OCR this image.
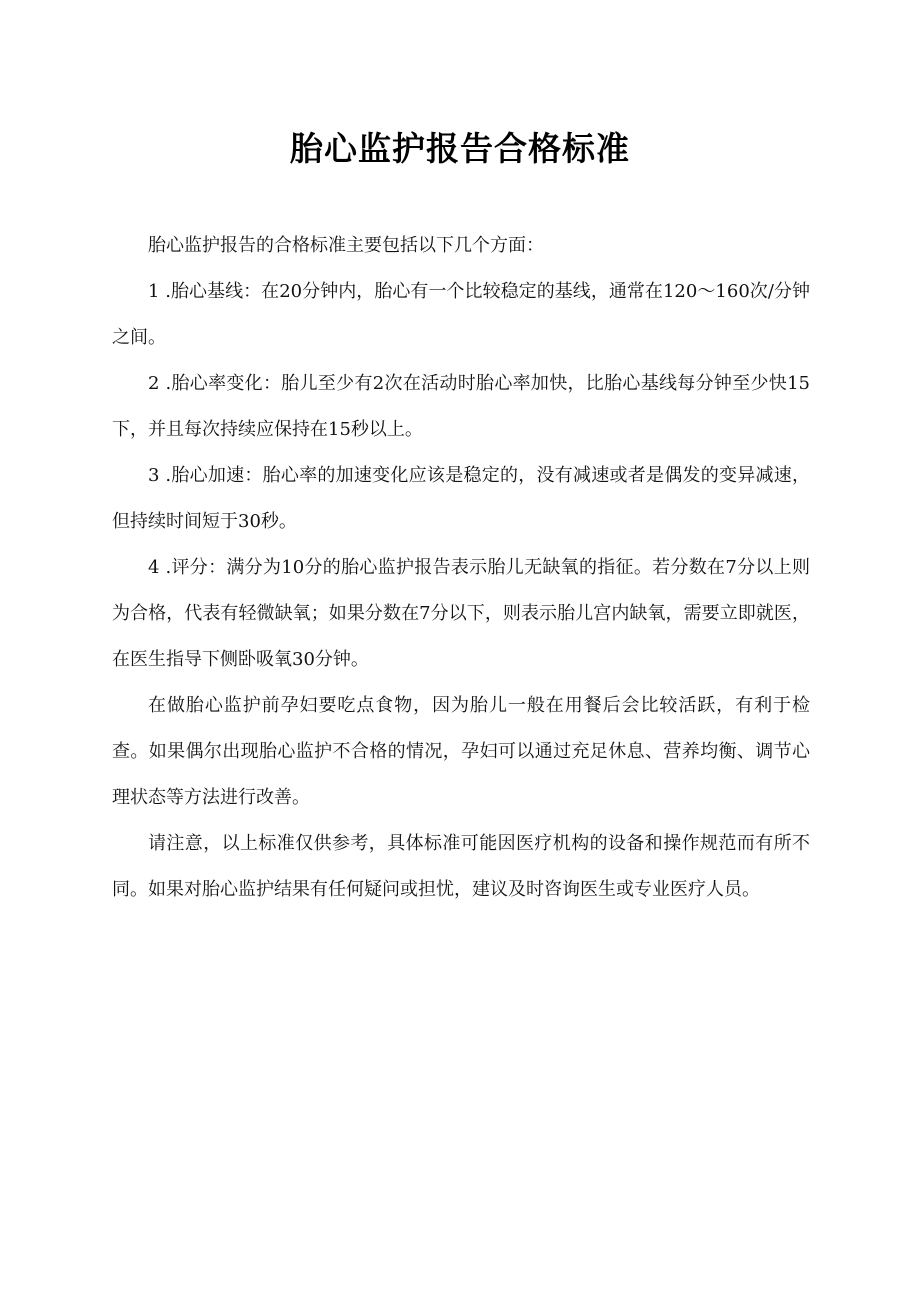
胎心监护报告合格标准

胎心监护报告的合格标准主要包括以下几个方面：

1 .胎心基线：在20分钟内，胎心有一个比较稳定的基线，通常在120～160次/分钟之间。

2 .胎心率变化：胎儿至少有2次在活动时胎心率加快，比胎心基线每分钟至少快15下，并且每次持续应保持在15秒以上。

3 .胎心加速：胎心率的加速变化应该是稳定的，没有减速或者是偶发的变异减速，但持续时间短于30秒。

4 .评分：满分为10分的胎心监护报告表示胎儿无缺氧的指征。若分数在7分以上则为合格，代表有轻微缺氧；如果分数在7分以下，则表示胎儿宫内缺氧，需要立即就医，在医生指导下侧卧吸氧30分钟。

在做胎心监护前孕妇要吃点食物，因为胎儿一般在用餐后会比较活跃，有利于检查。如果偶尔出现胎心监护不合格的情况，孕妇可以通过充足休息、营养均衡、调节心理状态等方法进行改善。

请注意，以上标准仅供参考，具体标准可能因医疗机构的设备和操作规范而有所不同。如果对胎心监护结果有任何疑问或担忧，建议及时咨询医生或专业医疗人员。
